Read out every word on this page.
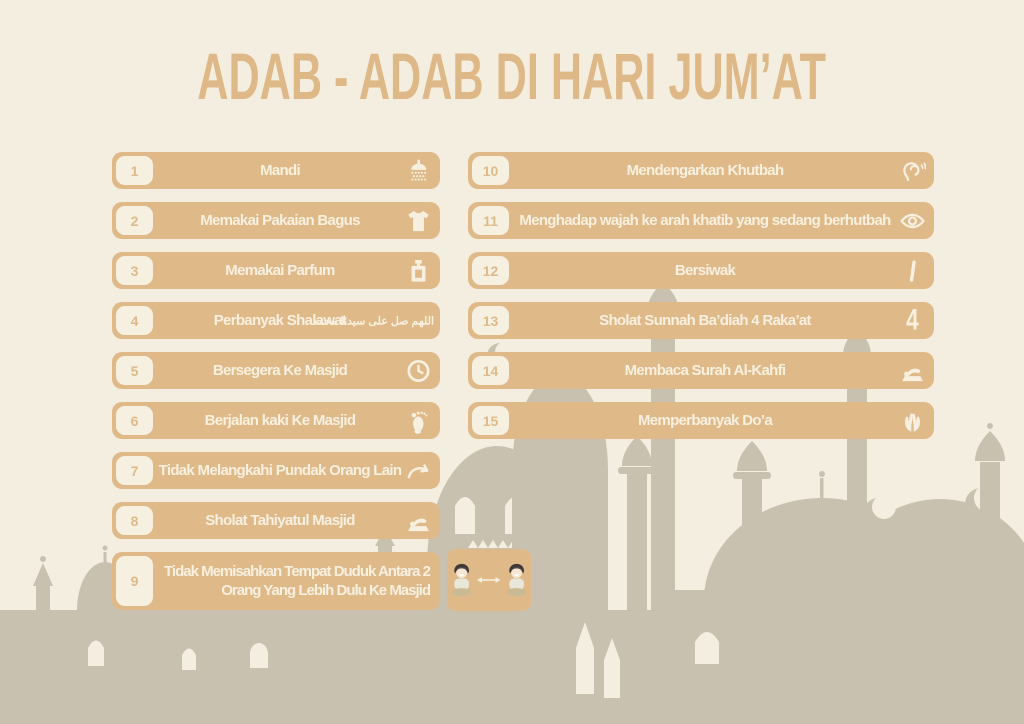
ADAB - ADAB DI HARI JUM’AT
1	Mandi
2	Memakai Pakaian Bagus
3	Memakai Parfum
4	Perbanyak Shalawat
اللهم صل على سيدنا محمد
5	Bersegera Ke Masjid
6	Berjalan kaki Ke Masjid
7	Tidak Melangkahi Pundak Orang Lain
8	Sholat Tahiyatul Masjid
9
Tidak Memisahkan Tempat Duduk Antara 2
Orang Yang Lebih Dulu Ke Masjid
10	Mendengarkan Khutbah
11	Menghadap wajah ke arah khatib yang sedang berhutbah
12	Bersiwak
13	Sholat Sunnah Ba’diah 4 Raka’at	4
14	Membaca Surah Al-Kahfi
15	Memperbanyak Do’a
